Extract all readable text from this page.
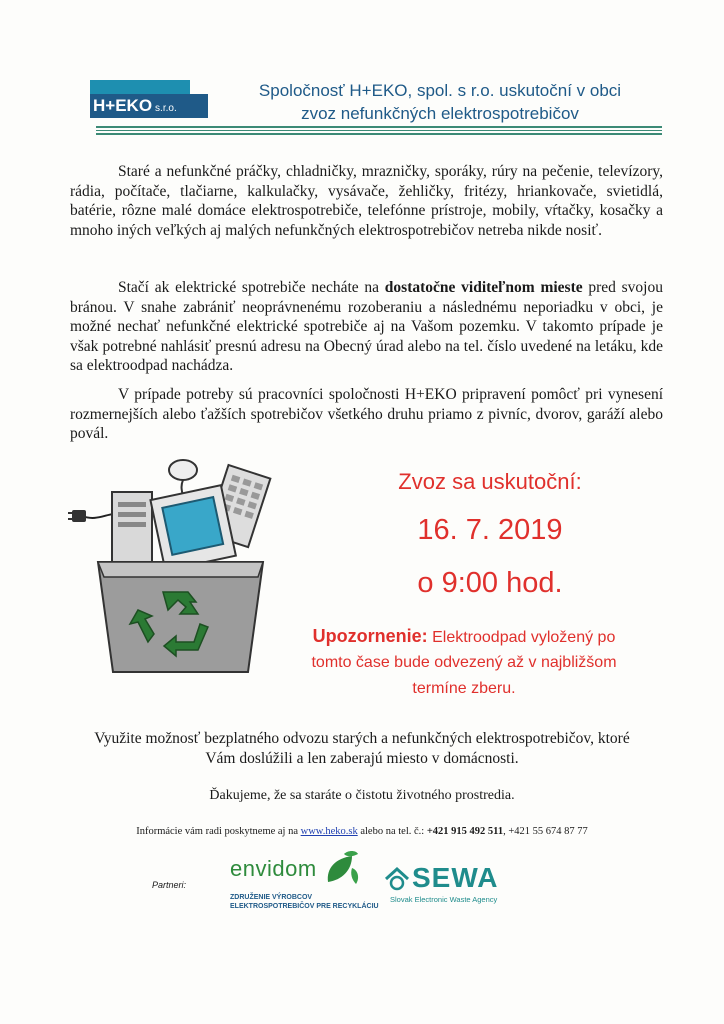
H+EKO s.r.o.
Spoločnosť H+EKO, spol. s r.o. uskutoční v obci
zvoz nefunkčných elektrospotrebičov
Staré a nefunkčné práčky, chladničky, mrazničky, sporáky, rúry na pečenie, televízory, rádia, počítače, tlačiarne, kalkulačky, vysávače, žehličky, fritézy, hriankovače, svietidlá, batérie, rôzne malé domáce elektrospotrebiče, telefónne prístroje, mobily, vŕtačky, kosačky a mnoho iných veľkých aj malých nefunkčných elektrospotrebičov netreba nikde nosiť.
Stačí ak elektrické spotrebiče necháte na dostatočne viditeľnom mieste pred svojou bránou. V snahe zabrániť neoprávnenému rozoberaniu a následnému neporiadku v obci, je možné nechať nefunkčné elektrické spotrebiče aj na Vašom pozemku. V takomto prípade je však potrebné nahlásiť presnú adresu na Obecný úrad alebo na tel. číslo uvedené na letáku, kde sa elektroodpad nachádza.
V prípade potreby sú pracovníci spoločnosti H+EKO pripravení pomôcť pri vynesení rozmernejších alebo ťažších spotrebičov všetkého druhu priamo z pivníc, dvorov, garáží alebo povál.
Zvoz sa uskutoční:
16. 7. 2019
o 9:00 hod.
Upozornenie: Elektroodpad vyložený po
tomto čase bude odvezený až v najbližšom
termíne zberu.
Využite možnosť bezplatného odvozu starých a nefunkčných elektrospotrebičov, ktoré
Vám doslúžili a len zaberajú miesto v domácnosti.
Ďakujeme, že sa staráte o čistotu životného prostredia.
Informácie vám radi poskytneme aj na www.heko.sk alebo na tel. č.: +421 915 492 511, +421 55 674 87 77
Partneri:
envidom
ZDRUŽENIE VÝROBCOV
ELEKTROSPOTREBIČOV PRE RECYKLÁCIU
SEWA
Slovak Electronic Waste Agency
